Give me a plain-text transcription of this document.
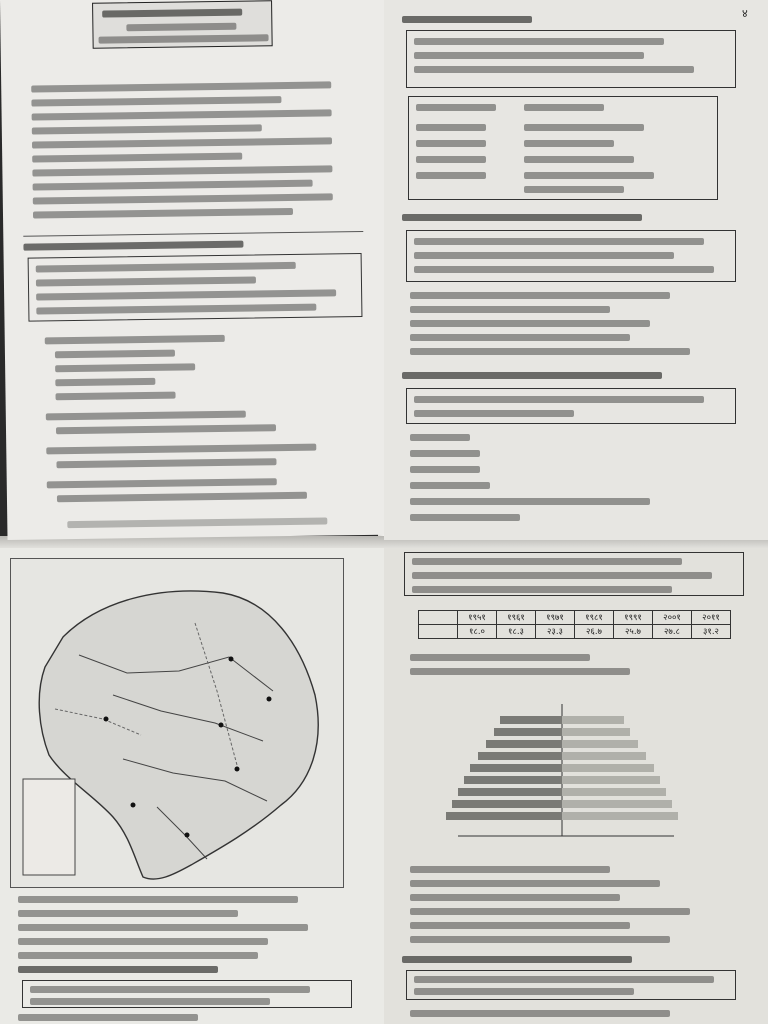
४
	१९५१	१९६१	१९७१	१९८१	१९९१	२००१	२०११
	१८.०	१८.३	२३.३	२६.७	२५.७	२७.८	३१.२
